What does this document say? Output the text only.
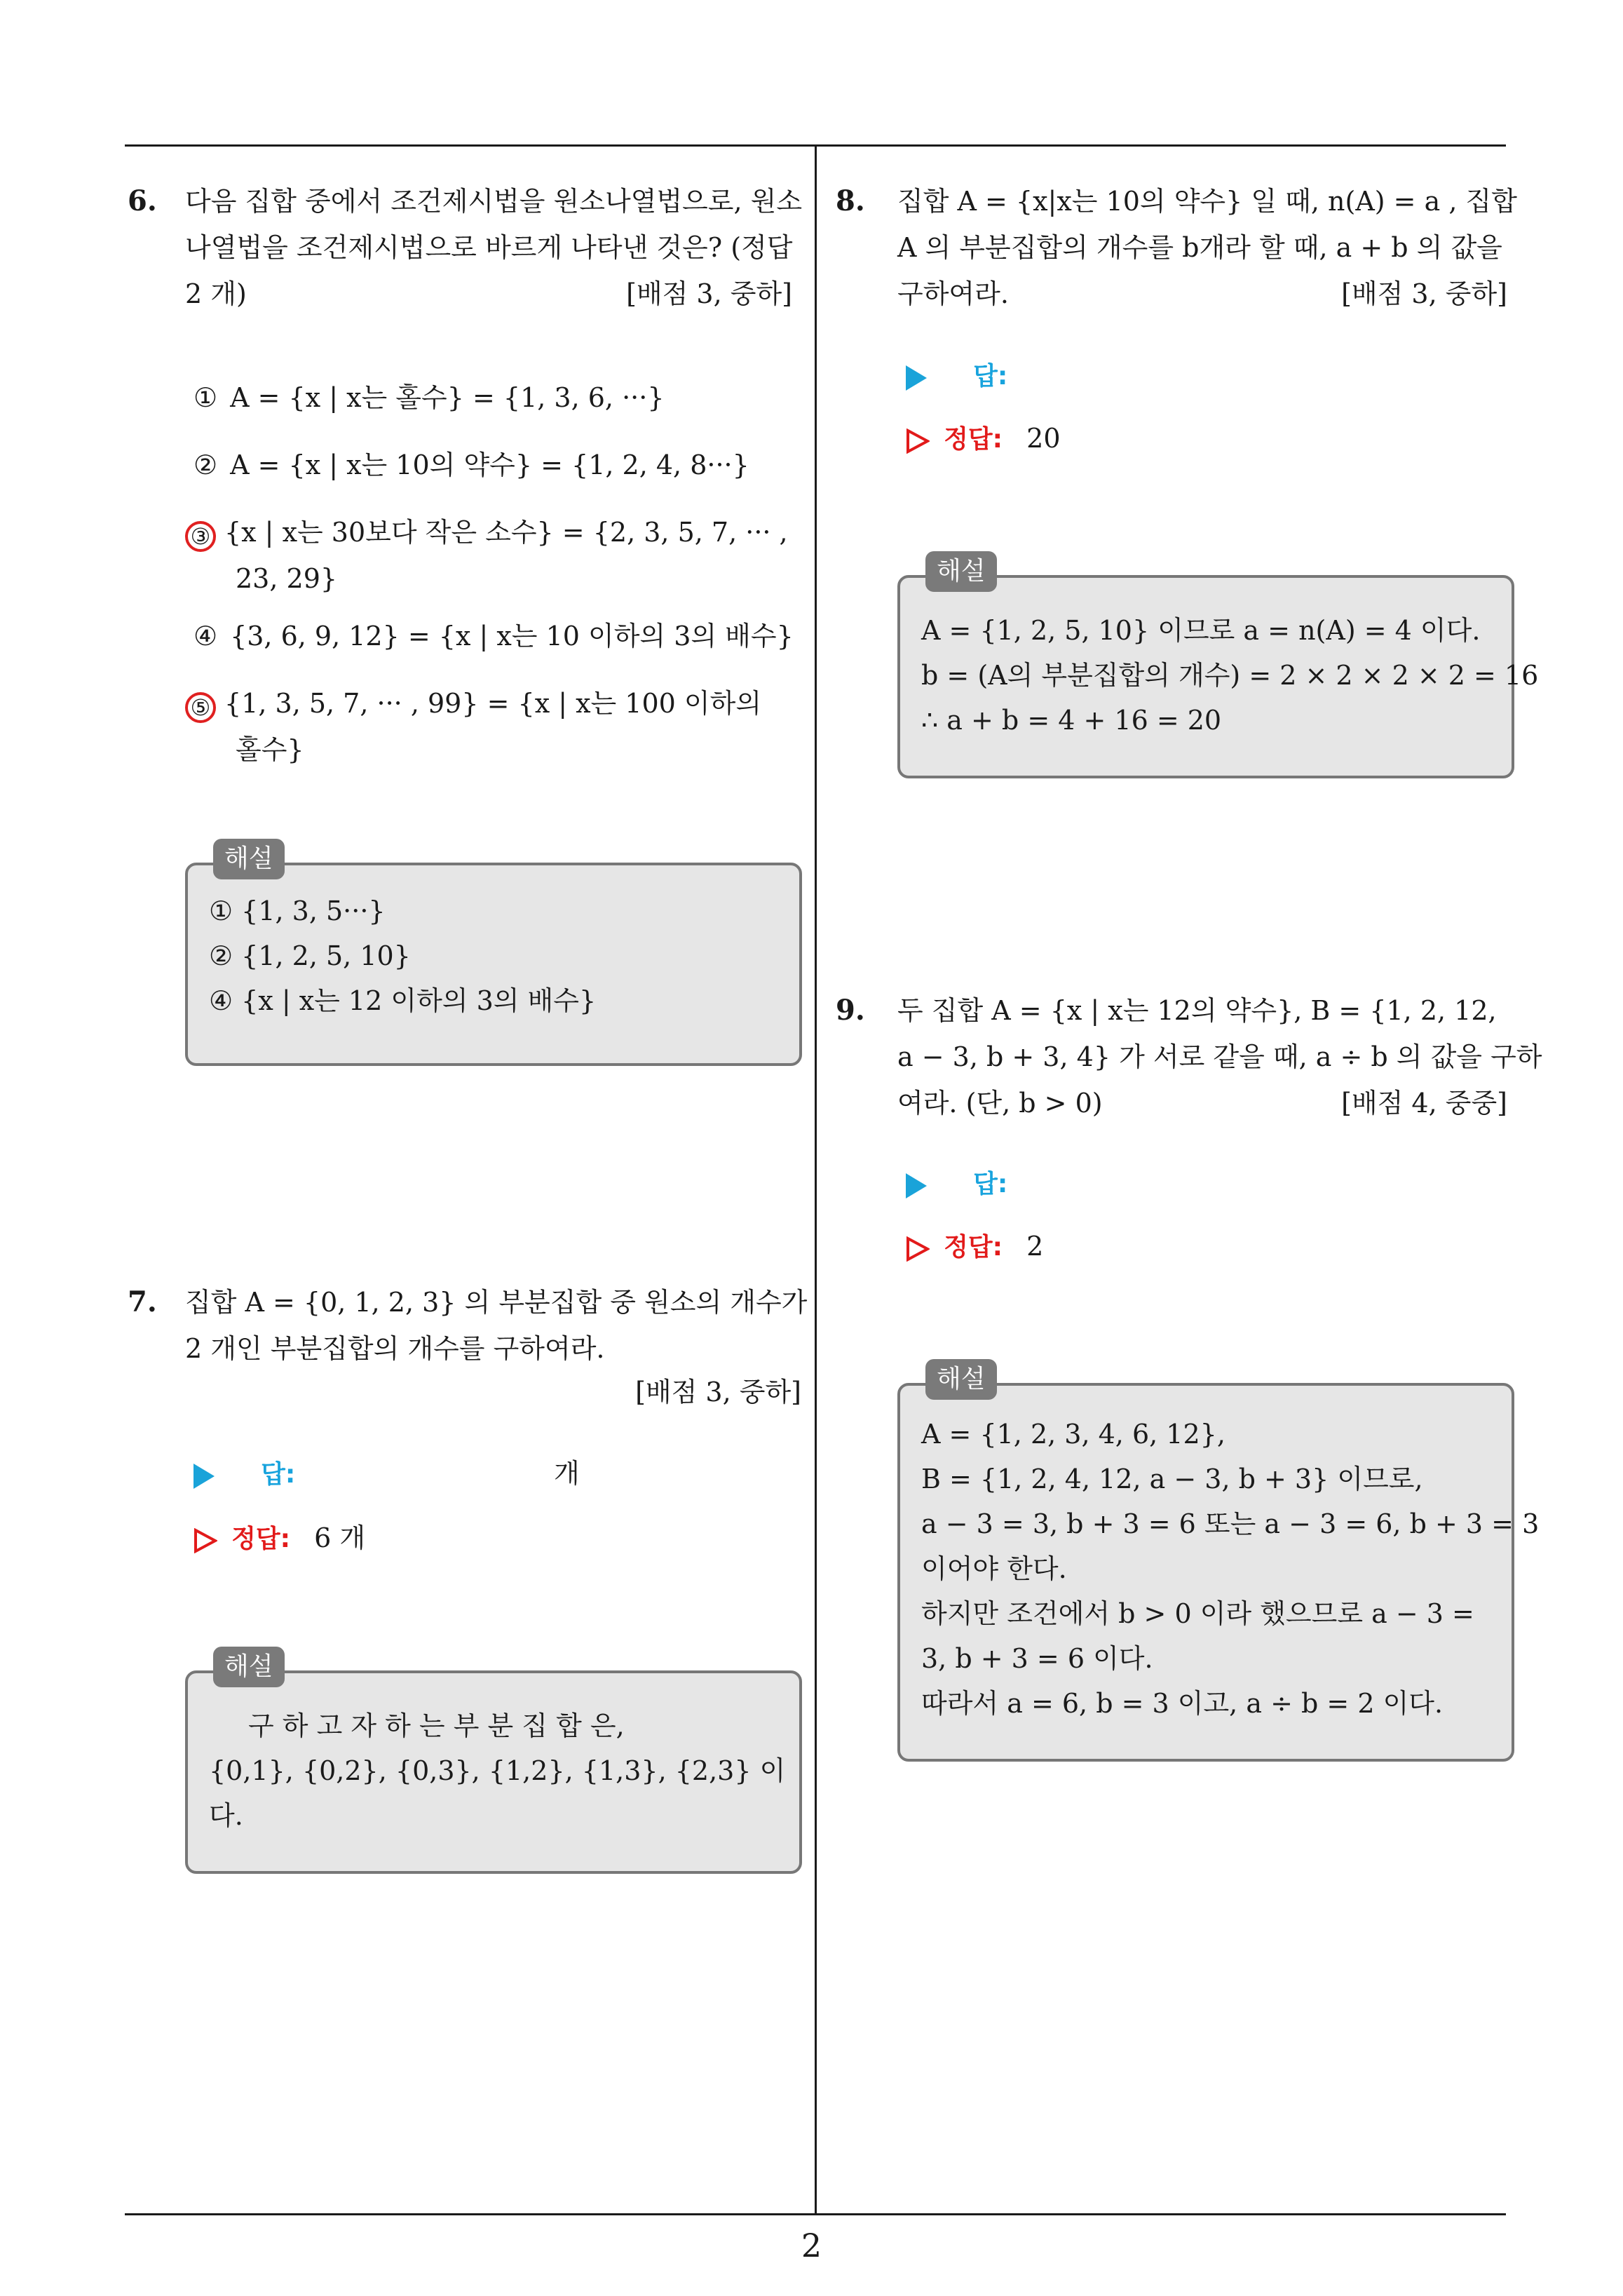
2
6. 다음 집합 중에서 조건제시법을 원소나열법으로, 원소
나열법을 조건제시법으로 바르게 나타낸 것은? (정답
2 개)	[배점 3, 중하]
① A = {x | x는 홀수} = {1, 3, 6, ···}
② A = {x | x는 10의 약수} = {1, 2, 4, 8···}
③ {x | x는 30보다 작은 소수} = {2, 3, 5, 7, ··· ,
23, 29}
④ {3, 6, 9, 12} = {x | x는 10 이하의 3의 배수}
⑤ {1, 3, 5, 7, ··· , 99} = {x | x는 100 이하의
홀수}
해설
① {1, 3, 5···}
② {1, 2, 5, 10}
④ {x | x는 12 이하의 3의 배수}
7. 집합 A = {0, 1, 2, 3} 의 부분집합 중 원소의 개수가
2 개인 부분집합의 개수를 구하여라.
[배점 3, 중하]
답:	개
정답: 6 개
해설
구 하 고 자 하 는 부 분 집 합 은,
{0,1}, {0,2}, {0,3}, {1,2}, {1,3}, {2,3} 이
다.
8. 집합 A = {x|x는 10의 약수} 일 때, n(A) = a , 집합
A 의 부분집합의 개수를 b개라 할 때, a + b 의 값을
구하여라.	[배점 3, 중하]
답:
정답: 20
해설
A = {1, 2, 5, 10} 이므로 a = n(A) = 4 이다.
b = (A의 부분집합의 개수) = 2 × 2 × 2 × 2 = 16
∴ a + b = 4 + 16 = 20
9. 두 집합 A = {x | x는 12의 약수}, B = {1, 2, 12,
a − 3, b + 3, 4} 가 서로 같을 때, a ÷ b 의 값을 구하
여라. (단, b > 0)	[배점 4, 중중]
답:
정답: 2
해설
A = {1, 2, 3, 4, 6, 12},
B = {1, 2, 4, 12, a − 3, b + 3} 이므로,
a − 3 = 3, b + 3 = 6 또는 a − 3 = 6, b + 3 = 3
이어야 한다.
하지만 조건에서 b > 0 이라 했으므로 a − 3 =
3, b + 3 = 6 이다.
따라서 a = 6, b = 3 이고, a ÷ b = 2 이다.
